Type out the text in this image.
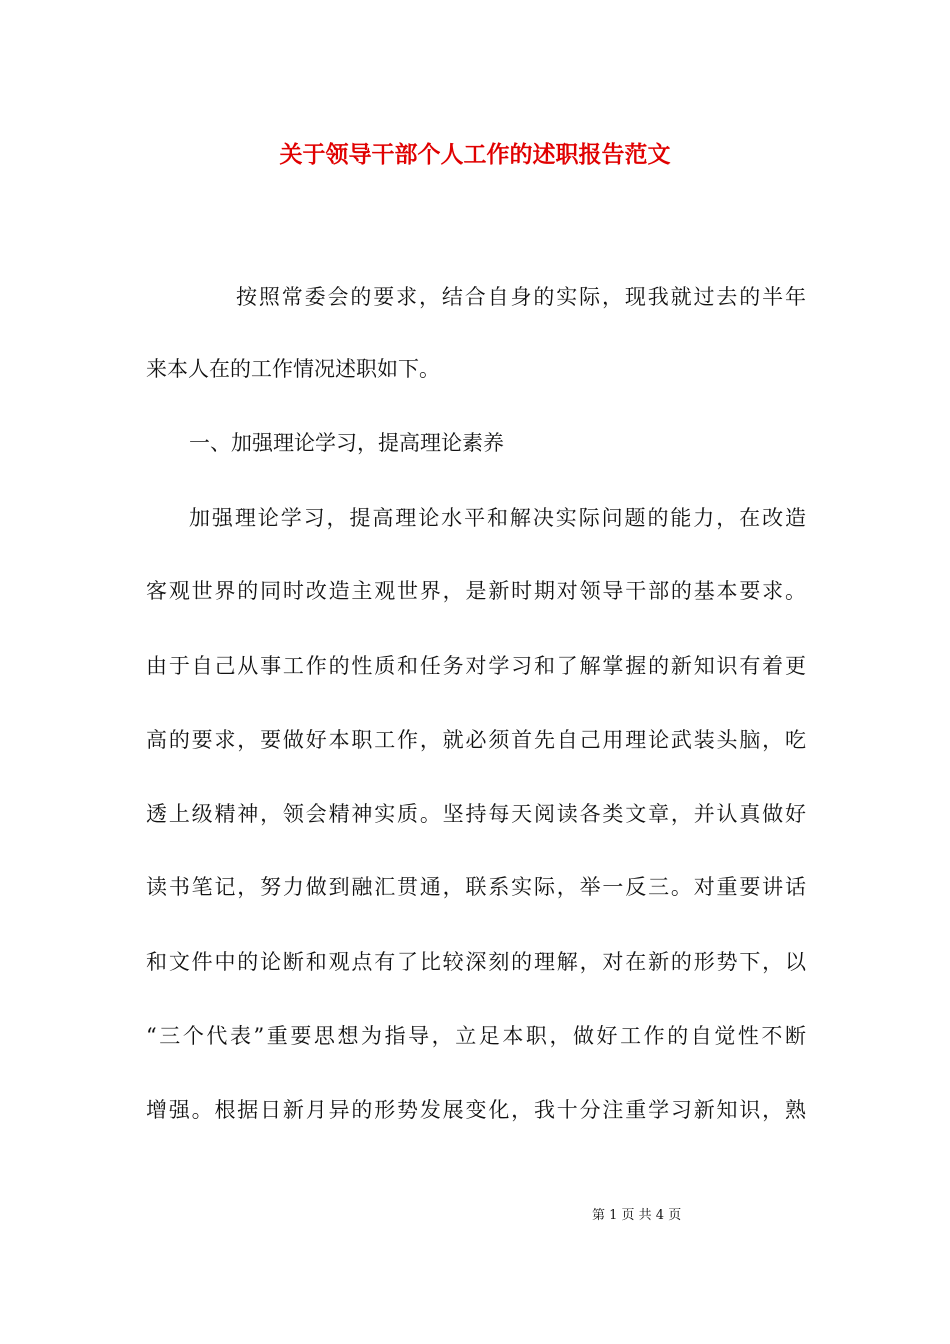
关于领导干部个人工作的述职报告范文
按照常委会的要求，结合自身的实际，现我就过去的半年
来本人在的工作情况述职如下。
一、加强理论学习，提高理论素养
加强理论学习，提高理论水平和解决实际问题的能力，在改造
客观世界的同时改造主观世界，是新时期对领导干部的基本要求。
由于自己从事工作的性质和任务对学习和了解掌握的新知识有着更
高的要求，要做好本职工作，就必须首先自己用理论武装头脑，吃
透上级精神，领会精神实质。坚持每天阅读各类文章，并认真做好
读书笔记，努力做到融汇贯通，联系实际，举一反三。对重要讲话
和文件中的论断和观点有了比较深刻的理解，对在新的形势下，以
“三个代表”重要思想为指导，立足本职，做好工作的自觉性不断
增强。根据日新月异的形势发展变化，我十分注重学习新知识，熟
第 1 页 共 4 页
